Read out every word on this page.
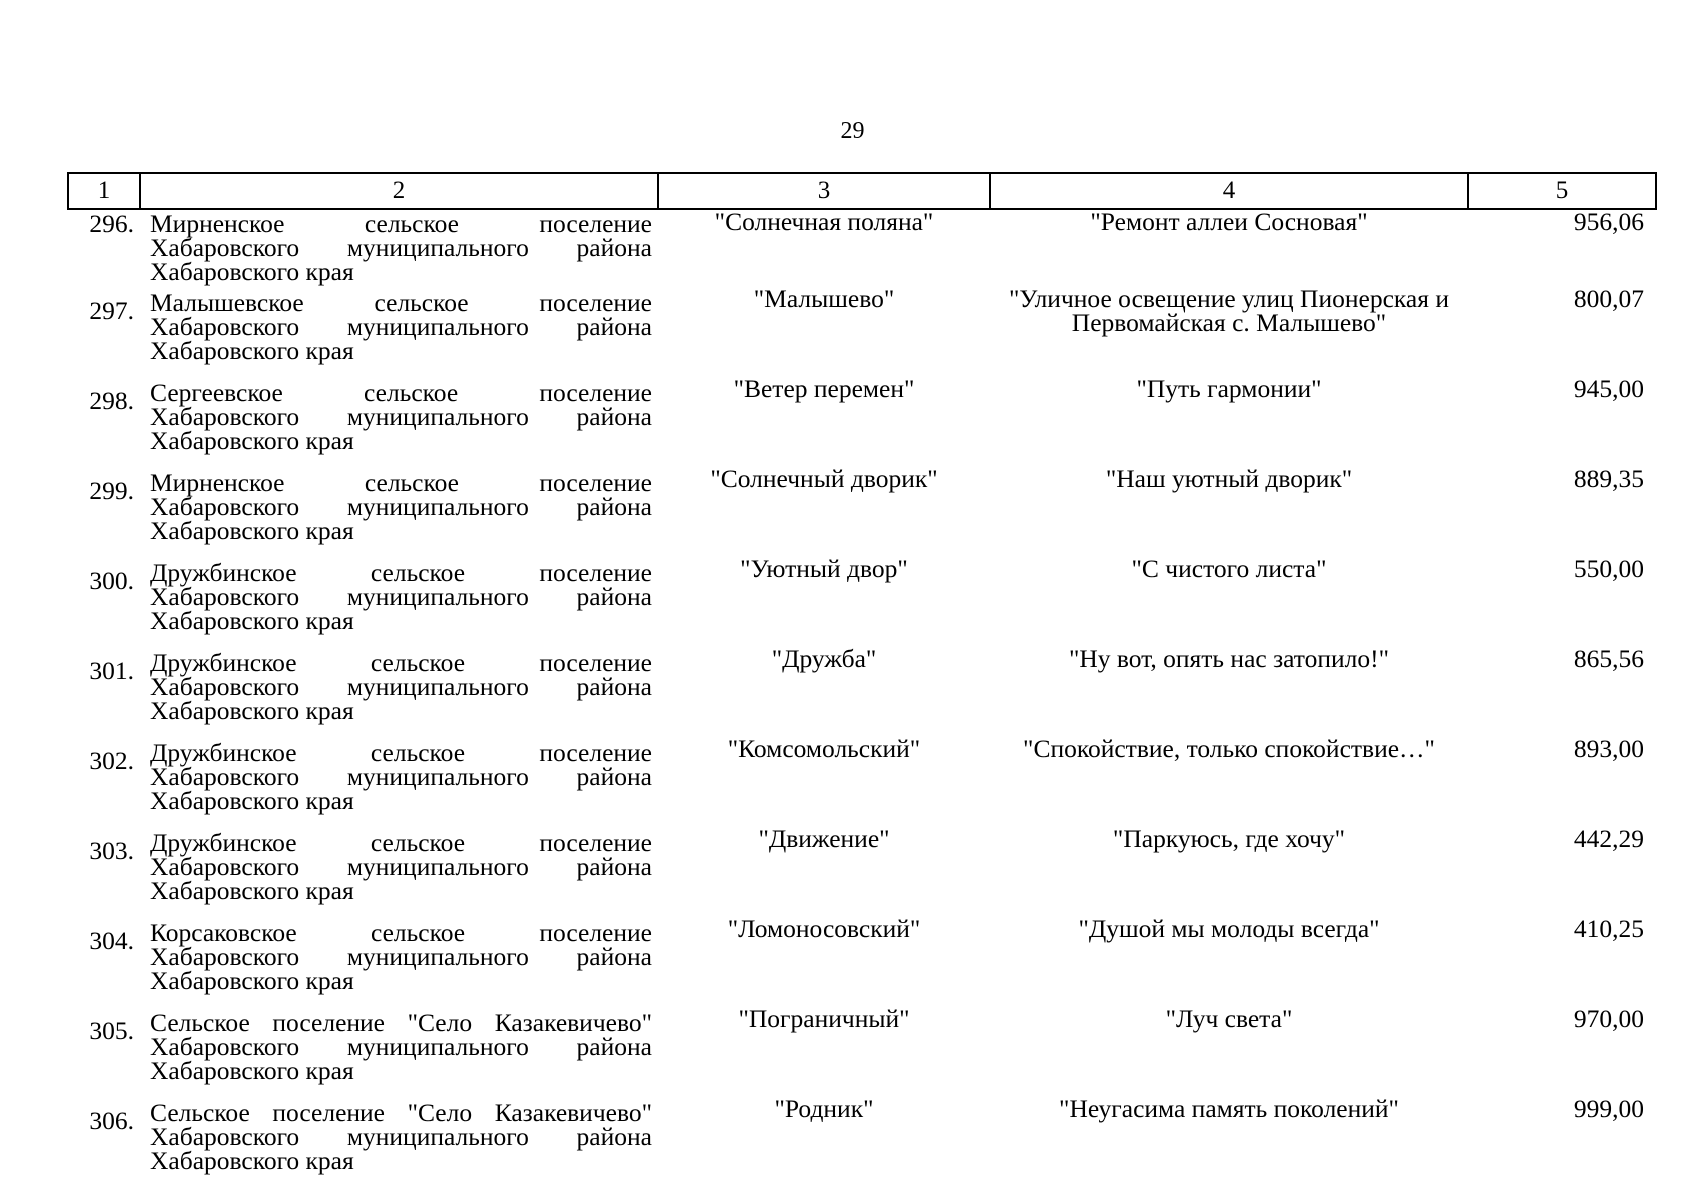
29
1	2	3	4	5
296.	Мирненское сельское поселение Хабаровского муниципального района Хабаровского края	"Солнечная поляна"	"Ремонт аллеи Сосновая"	956,06
297.	Малышевское сельское поселение Хабаровского муниципального района Хабаровского края	"Малышево"	"Уличное освещение улиц Пионерская и Первомайская с. Малышево"	800,07
298.	Сергеевское сельское поселение Хабаровского муниципального района Хабаровского края	"Ветер перемен"	"Путь гармонии"	945,00
299.	Мирненское сельское поселение Хабаровского муниципального района Хабаровского края	"Солнечный дворик"	"Наш уютный дворик"	889,35
300.	Дружбинское сельское поселение Хабаровского муниципального района Хабаровского края	"Уютный двор"	"С чистого листа"	550,00
301.	Дружбинское сельское поселение Хабаровского муниципального района Хабаровского края	"Дружба"	"Ну вот, опять нас затопило!"	865,56
302.	Дружбинское сельское поселение Хабаровского муниципального района Хабаровского края	"Комсомольский"	"Спокойствие, только спокойствие…"	893,00
303.	Дружбинское сельское поселение Хабаровского муниципального района Хабаровского края	"Движение"	"Паркуюсь, где хочу"	442,29
304.	Корсаковское сельское поселение Хабаровского муниципального района Хабаровского края	"Ломоносовский"	"Душой мы молоды всегда"	410,25
305.	Сельское поселение "Село Казакевичево" Хабаровского муниципального района Хабаровского края	"Пограничный"	"Луч света"	970,00
306.	Сельское поселение "Село Казакевичево" Хабаровского муниципального района Хабаровского края	"Родник"	"Неугасима память поколений"	999,00
